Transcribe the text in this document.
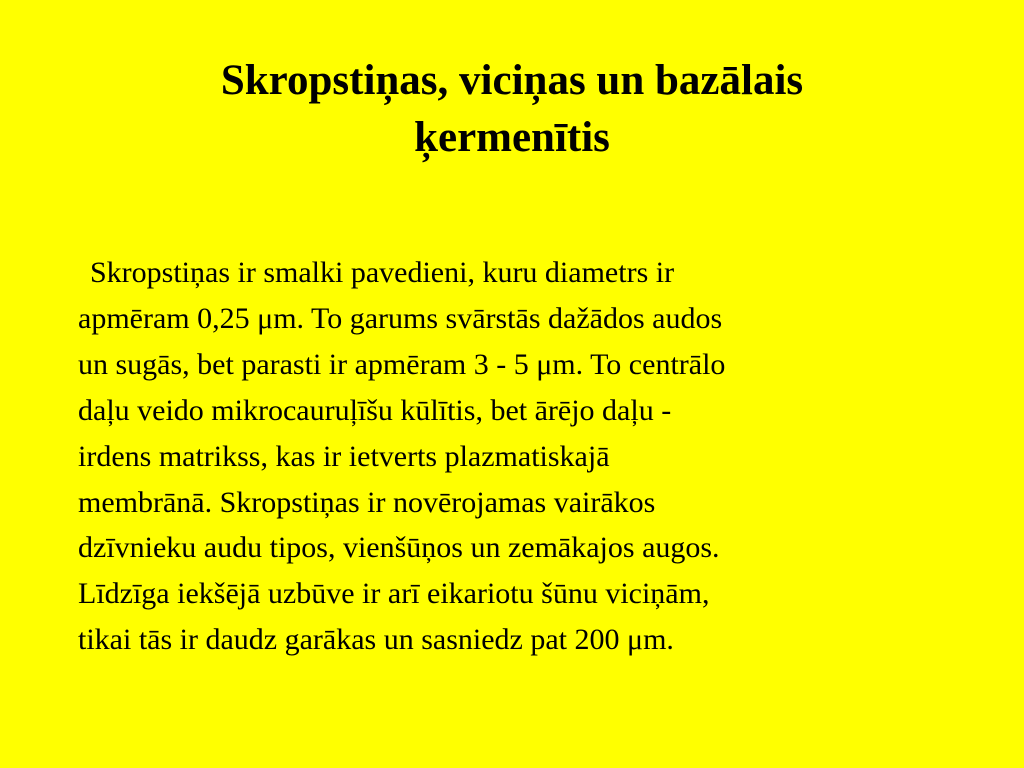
Skropstiņas, viciņas un bazālais
ķermenītis

Skropstiņas ir smalki pavedieni, kuru diametrs ir
apmēram 0,25 μm. To garums svārstās dažādos audos
un sugās, bet parasti ir apmēram 3 - 5 μm. To centrālo
daļu veido mikrocauruļīšu kūlītis, bet ārējo daļu -
irdens matrikss, kas ir ietverts plazmatiskajā
membrānā. Skropstiņas ir novērojamas vairākos
dzīvnieku audu tipos, vienšūņos un zemākajos augos.
Līdzīga iekšējā uzbūve ir arī eikariotu šūnu viciņām,
tikai tās ir daudz garākas un sasniedz pat 200 μm.
